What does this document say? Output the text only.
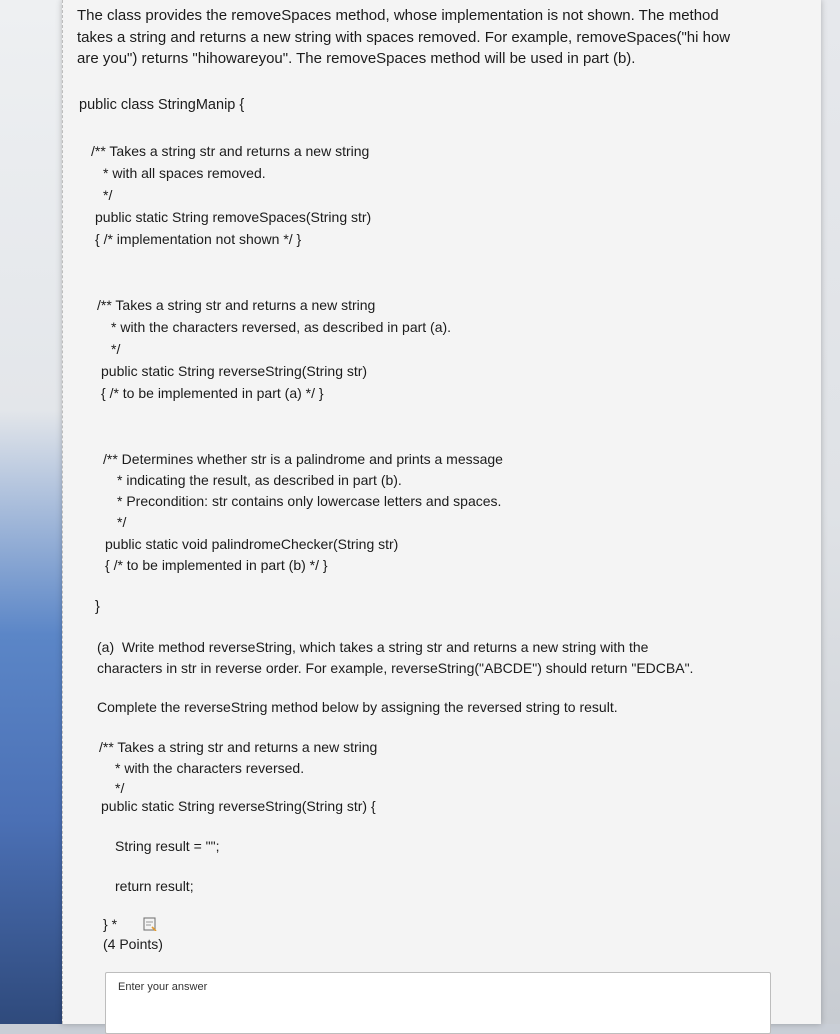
The class provides the removeSpaces method, whose implementation is not shown. The method
takes a string and returns a new string with spaces removed. For example, removeSpaces("hi how
are you") returns "hihowareyou". The removeSpaces method will be used in part (b).
public class StringManip {
/** Takes a string str and returns a new string
* with all spaces removed.
*/
public static String removeSpaces(String str)
{ /* implementation not shown */ }
/** Takes a string str and returns a new string
* with the characters reversed, as described in part (a).
*/
public static String reverseString(String str)
{ /* to be implemented in part (a) */ }
/** Determines whether str is a palindrome and prints a message
* indicating the result, as described in part (b).
* Precondition: str contains only lowercase letters and spaces.
*/
public static void palindromeChecker(String str)
{ /* to be implemented in part (b) */ }
}
(a)  Write method reverseString, which takes a string str and returns a new string with the
characters in str in reverse order. For example, reverseString("ABCDE") should return "EDCBA".
Complete the reverseString method below by assigning the reversed string to result.
/** Takes a string str and returns a new string
* with the characters reversed.
*/
public static String reverseString(String str) {
String result = "";
return result;
} *
(4 Points)
Enter your answer
